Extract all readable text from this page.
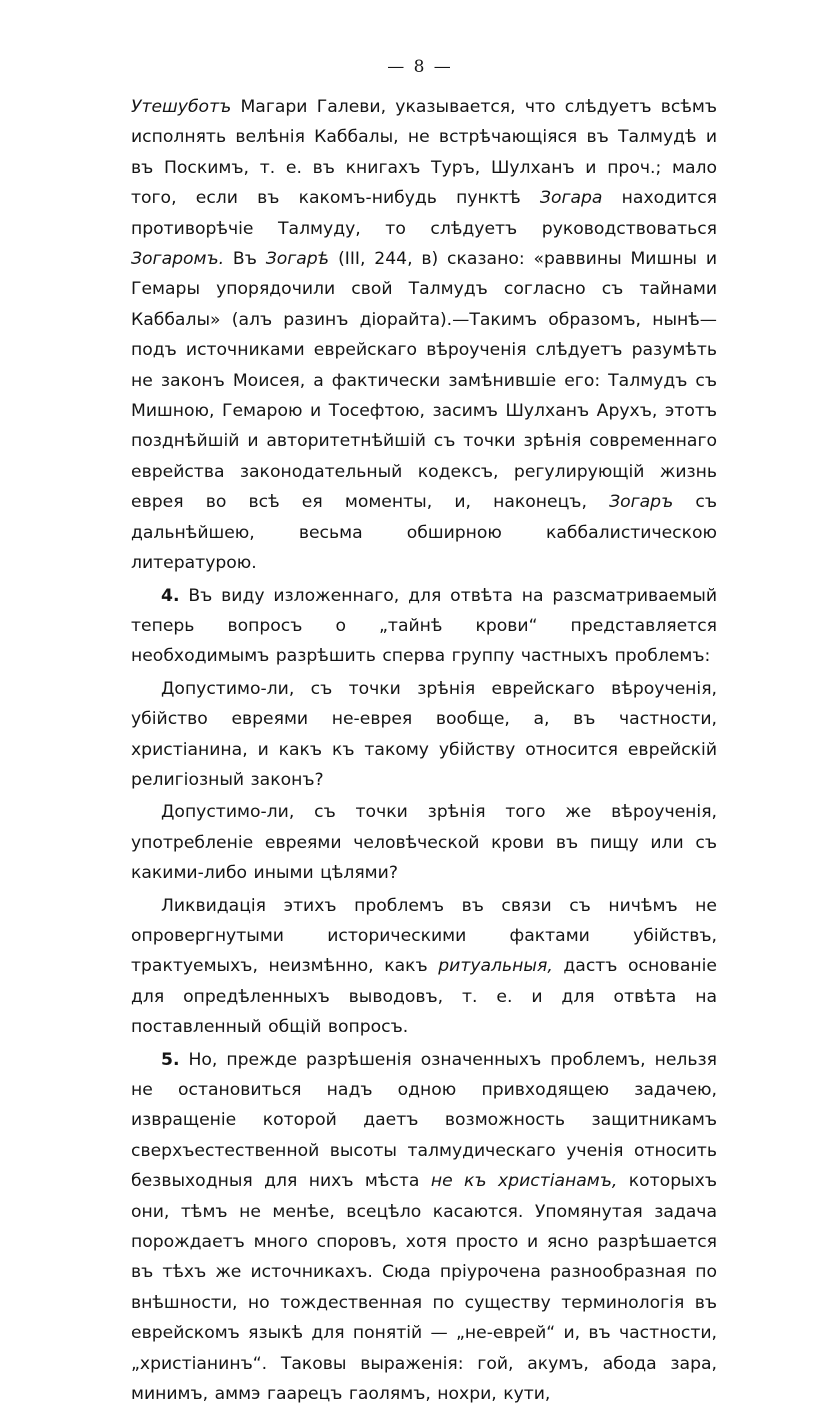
— 8 —

Утешуботъ Магари Галеви, указывается, что слѣдуетъ всѣмъ исполнять велѣнія Каббалы, не встрѣчающіяся въ Талмудѣ и въ Поскимъ, т. е. въ книгахъ Туръ, Шулханъ и проч.; мало того, если въ какомъ-нибудь пунктѣ Зогара находится противорѣчіе Талмуду, то слѣдуетъ руководствоваться Зогаромъ. Въ Зогарѣ (III, 244, в) сказано: «раввины Мишны и Гемары упорядочили свой Талмудъ согласно съ тайнами Каббалы» (алъ разинъ діорайта).—Такимъ образомъ, нынѣ—подъ источниками еврейскаго вѣроученія слѣдуетъ разумѣть не законъ Моисея, а фактически замѣнившіе его: Талмудъ съ Мишною, Гемарою и Тосефтою, засимъ Шулханъ Арухъ, этотъ позднѣйшій и авторитетнѣйшій съ точки зрѣнія современнаго еврейства законодательный кодексъ, регулирующій жизнь еврея во всѣ ея моменты, и, наконецъ, Зогаръ съ дальнѣйшею, весьма обширною каббалистическою литературою.

4. Въ виду изложеннаго, для отвѣта на разсматриваемый теперь вопросъ о „тайнѣ крови“ представляется необходимымъ разрѣшить сперва группу частныхъ проблемъ:

Допустимо-ли, съ точки зрѣнія еврейскаго вѣроученія, убійство евреями не-еврея вообще, а, въ частности, христіанина, и какъ къ такому убійству относится еврейскій религіозный законъ?

Допустимо-ли, съ точки зрѣнія того же вѣроученія, употребленіе евреями человѣческой крови въ пищу или съ какими-либо иными цѣлями?

Ликвидація этихъ проблемъ въ связи съ ничѣмъ не опровергнутыми историческими фактами убійствъ, трактуемыхъ, неизмѣнно, какъ ритуальныя, дастъ основаніе для опредѣленныхъ выводовъ, т. е. и для отвѣта на поставленный общій вопросъ.

5. Но, прежде разрѣшенія означенныхъ проблемъ, нельзя не остановиться надъ одною привходящею задачею, извращеніе которой даетъ возможность защитникамъ сверхъестественной высоты талмудическаго ученія относить безвыходныя для нихъ мѣста не къ христіанамъ, которыхъ они, тѣмъ не менѣе, всецѣло касаются. Упомянутая задача порождаетъ много споровъ, хотя просто и ясно разрѣшается въ тѣхъ же источникахъ. Сюда пріурочена разнообразная по внѣшности, но тождественная по существу терминологія въ еврейскомъ языкѣ для понятій — „не-еврей“ и, въ частности, „христіанинъ“. Таковы выраженія: гой, акумъ, абода зара, минимъ, аммэ гаарецъ гаолямъ, нохри, кути,
